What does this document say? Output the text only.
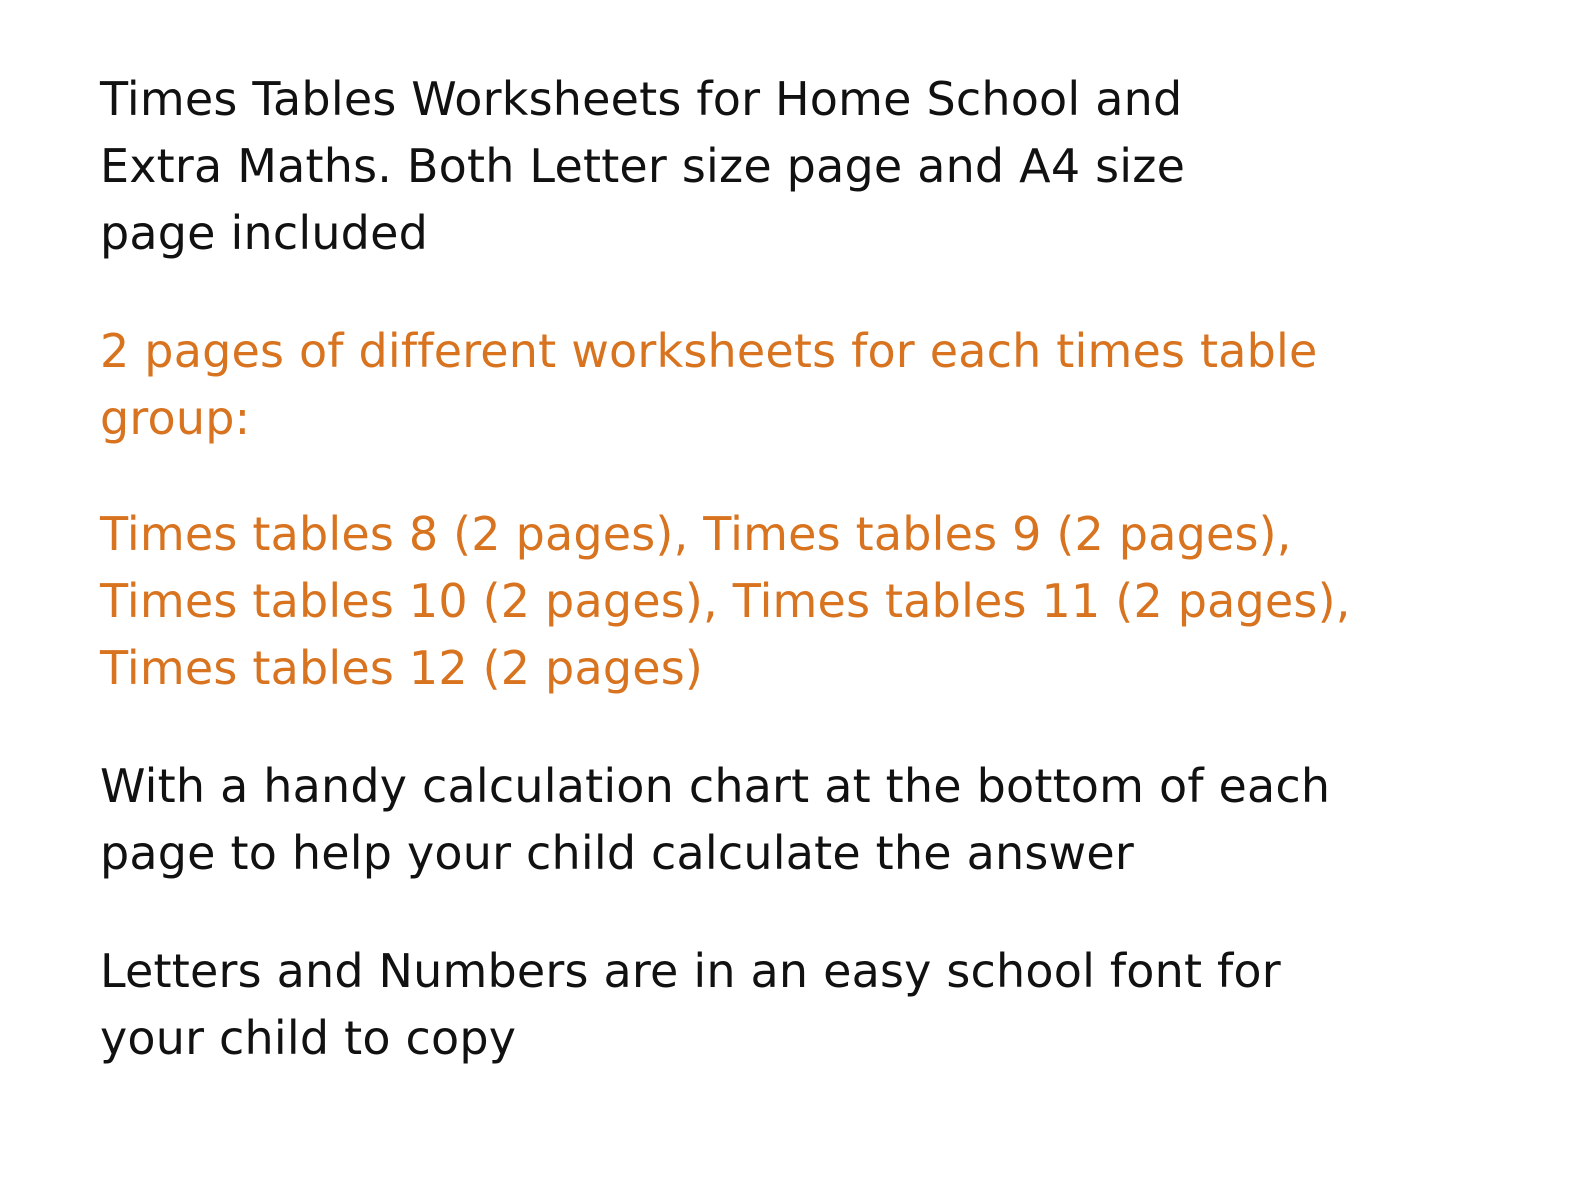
Times Tables Worksheets for Home School and
Extra Maths. Both Letter size page and A4 size
page included

2 pages of different worksheets for each times table
group:

Times tables 8 (2 pages), Times tables 9 (2 pages),
Times tables 10 (2 pages), Times tables 11 (2 pages),
Times tables 12 (2 pages)

With a handy calculation chart at the bottom of each
page to help your child calculate the answer

Letters and Numbers are in an easy school font for
your child to copy
